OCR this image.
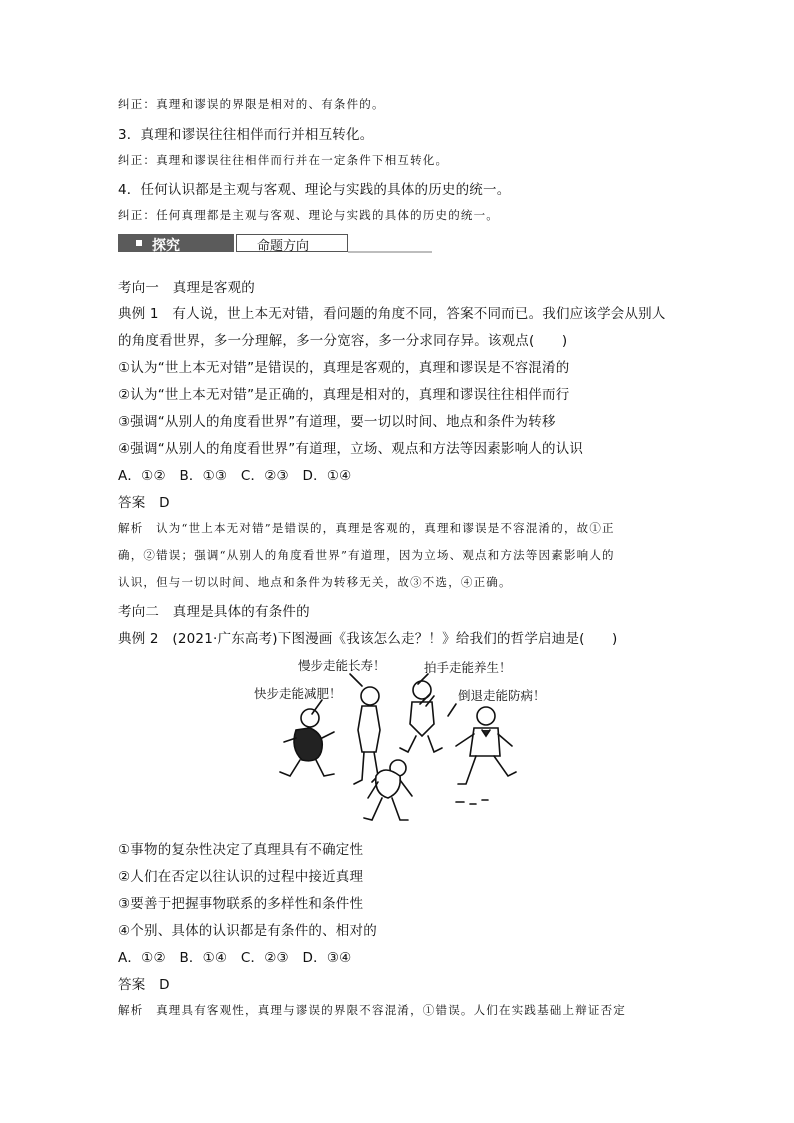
纠正：真理和谬误的界限是相对的、有条件的。
3．真理和谬误往往相伴而行并相互转化。
纠正：真理和谬误往往相伴而行并在一定条件下相互转化。
4．任何认识都是主观与客观、理论与实践的具体的历史的统一。
纠正：任何真理都是主观与客观、理论与实践的具体的历史的统一。
探究	命题方向
考向一　真理是客观的
典例 1　有人说，世上本无对错，看问题的角度不同，答案不同而已。我们应该学会从别人
的角度看世界，多一分理解，多一分宽容，多一分求同存异。该观点(　　)
①认为“世上本无对错”是错误的，真理是客观的，真理和谬误是不容混淆的
②认为“世上本无对错”是正确的，真理是相对的，真理和谬误往往相伴而行
③强调“从别人的角度看世界”有道理，要一切以时间、地点和条件为转移
④强调“从别人的角度看世界”有道理，立场、观点和方法等因素影响人的认识
A．①②　B．①③　C．②③　D．①④
答案　D
解析　认为“世上本无对错”是错误的，真理是客观的，真理和谬误是不容混淆的，故①正
确，②错误；强调“从别人的角度看世界”有道理，因为立场、观点和方法等因素影响人的
认识，但与一切以时间、地点和条件为转移无关，故③不选，④正确。
考向二　真理是具体的有条件的
典例 2　(2021·广东高考)下图漫画《我该怎么走？！》给我们的哲学启迪是(　　)
慢步走能长寿！	拍手走能养生！
快步走能减肥！	倒退走能防病！
①事物的复杂性决定了真理具有不确定性
②人们在否定以往认识的过程中接近真理
③要善于把握事物联系的多样性和条件性
④个别、具体的认识都是有条件的、相对的
A．①②　B．①④　C．②③　D．③④
答案　D
解析　真理具有客观性，真理与谬误的界限不容混淆，①错误。人们在实践基础上辩证否定
